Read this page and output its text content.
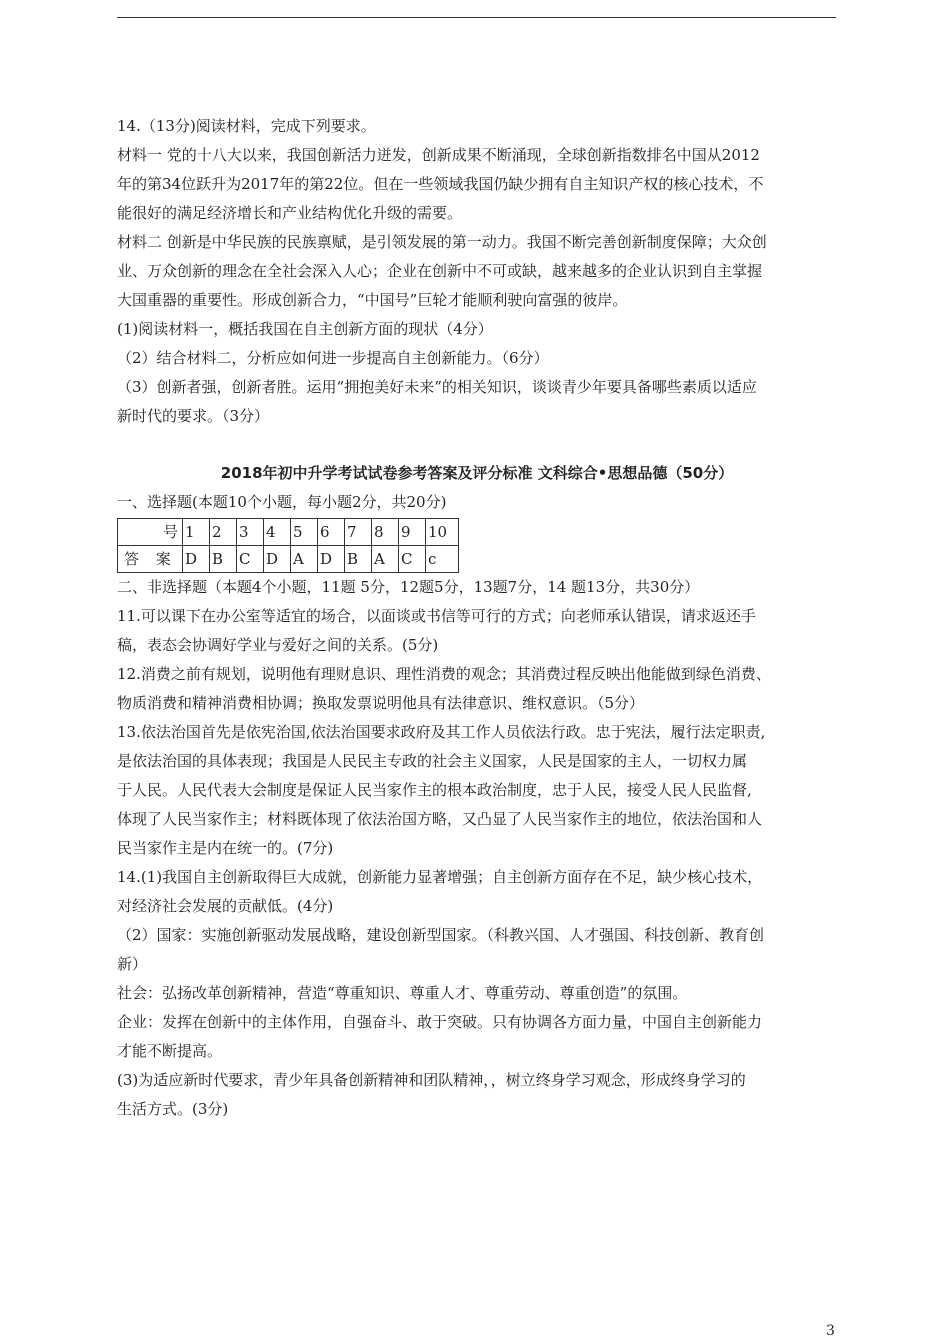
14.（13分)阅读材料，完成下列要求。

材料一 党的十八大以来，我国创新活力迸发，创新成果不断涌现，全球创新指数排名中国从2012

年的第34位跃升为2017年的第22位。但在一些领域我国仍缺少拥有自主知识产权的核心技术，不

能很好的满足经济增长和产业结构优化升级的需要。

材料二 创新是中华民族的民族禀赋，是引领发展的第一动力。我国不断完善创新制度保障；大众创

业、万众创新的理念在全社会深入人心；企业在创新中不可或缺，越来越多的企业认识到自主掌握

大国重器的重要性。形成创新合力，“中国号”巨轮才能顺利驶向富强的彼岸。

(1)阅读材料一，概括我国在自主创新方面的现状（4分）

（2）结合材料二，分析应如何进一步提高自主创新能力。（6分）

（3）创新者强，创新者胜。运用“拥抱美好未来”的相关知识，谈谈青少年要具备哪些素质以适应

新时代的要求。（3分）

2018年初中升学考试试卷参考答案及评分标准 文科综合•思想品德（50分）

一、选择题(本题10个小题，每小题2分，共20分)

号	1	2	3	4	5	6	7	8	9	10
答 案	D	B	C	D	A	D	B	A	C	c

二、非选择题（本题4个小题，11题 5分，12题5分，13题7分，14 题13分，共30分）

11.可以课下在办公室等适宜的场合，以面谈或书信等可行的方式；向老师承认错误，请求返还手

稿，表态会协调好学业与爱好之间的关系。(5分)

12.消费之前有规划，说明他有理财息识、理性消费的观念；其消费过程反映出他能做到绿色消费、

物质消费和精神消费相协调；换取发票说明他具有法律意识、维权意识。（5分）

13.依法治国首先是依宪治国,依法治国要求政府及其工作人员依法行政。忠于宪法，履行法定职责,

是依法治国的具体表现；我国是人民民主专政的社会主义国家，人民是国家的主人，一切权力属

于人民。人民代表大会制度是保证人民当家作主的根本政治制度，忠于人民，接受人民人民监督,

体现了人民当家作主；材料既体现了依法治国方略，又凸显了人民当家作主的地位，依法治国和人

民当家作主是内在统一的。(7分)

14.(1)我国自主创新取得巨大成就，创新能力显著增强；自主创新方面存在不足，缺少核心技术，

对经济社会发展的贡献低。(4分)

（2）国家：实施创新驱动发展战略，建设创新型国家。（科教兴国、人才强国、科技创新、教育创

新）

社会：弘扬改革创新精神，营造“尊重知识、尊重人才、尊重劳动、尊重创造”的氛围。

企业：发挥在创新中的主体作用，自强奋斗、敢于突破。只有协调各方面力量，中国自主创新能力

才能不断提高。

(3)为适应新时代要求，青少年具备创新精神和团队精神，，树立终身学习观念，形成终身学习的

生活方式。(3分)

3
